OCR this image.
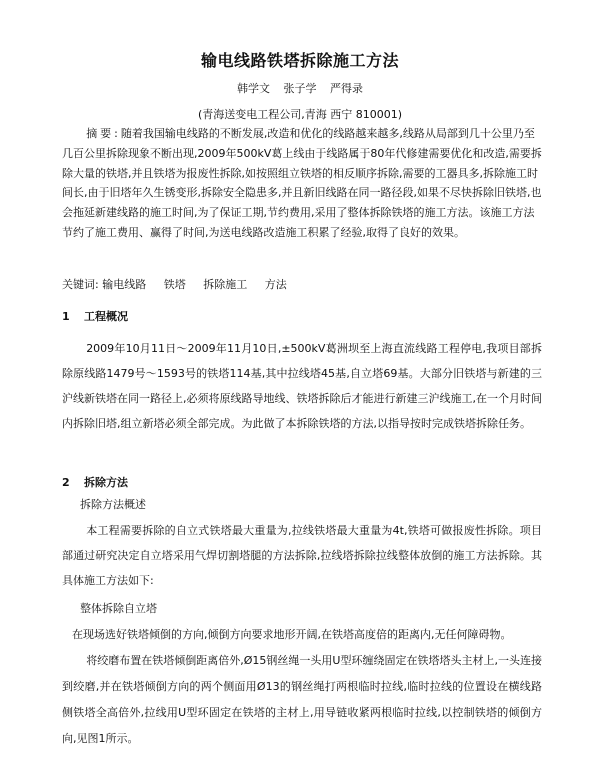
输电线路铁塔拆除施工方法
韩学文 张子学 严得录
(青海送变电工程公司,青海 西宁 810001)

摘要:随着我国输电线路的不断发展,改造和优化的线路越来越多,线路从局部到几十公里乃至几百公里拆除现象不断出现,2009年500kV葛上线由于线路属于80年代修建需要优化和改造,需要拆除大量的铁塔,并且铁塔为报废性拆除,如按照组立铁塔的相反顺序拆除,需要的工器具多,拆除施工时间长,由于旧塔年久生锈变形,拆除安全隐患多,并且新旧线路在同一路径段,如果不尽快拆除旧铁塔,也会拖延新建线路的施工时间,为了保证工期,节约费用,采用了整体拆除铁塔的施工方法。该施工方法节约了施工费用、赢得了时间,为送电线路改造施工积累了经验,取得了良好的效果。

关键词: 输电线路 铁塔 拆除施工 方法
1 工程概况

2009年10月11日～2009年11月10日,±500kV葛洲坝至上海直流线路工程停电,我项目部拆除原线路1479号～1593号的铁塔114基,其中拉线塔45基,自立塔69基。大部分旧铁塔与新建的三沪线新铁塔在同一路径上,必须将原线路导地线、铁塔拆除后才能进行新建三沪线施工,在一个月时间内拆除旧塔,组立新塔必须全部完成。为此做了本拆除铁塔的方法,以指导按时完成铁塔拆除任务。

2 拆除方法
拆除方法概述

本工程需要拆除的自立式铁塔最大重量为,拉线铁塔最大重量为4t,铁塔可做报废性拆除。项目部通过研究决定自立塔采用气焊切割塔腿的方法拆除,拉线塔拆除拉线整体放倒的施工方法拆除。其具体施工方法如下:

整体拆除自立塔

在现场选好铁塔倾倒的方向,倾倒方向要求地形开阔,在铁塔高度倍的距离内,无任何障碍物。

将绞磨布置在铁塔倾倒距离倍外,Ø15钢丝绳一头用U型环缠绕固定在铁塔塔头主材上,一头连接到绞磨,并在铁塔倾倒方向的两个侧面用Ø13的钢丝绳打两根临时拉线,临时拉线的位置设在横线路侧铁塔全高倍外,拉线用U型环固定在铁塔的主材上,用导链收紧两根临时拉线,以控制铁塔的倾倒方向,见图1所示。
